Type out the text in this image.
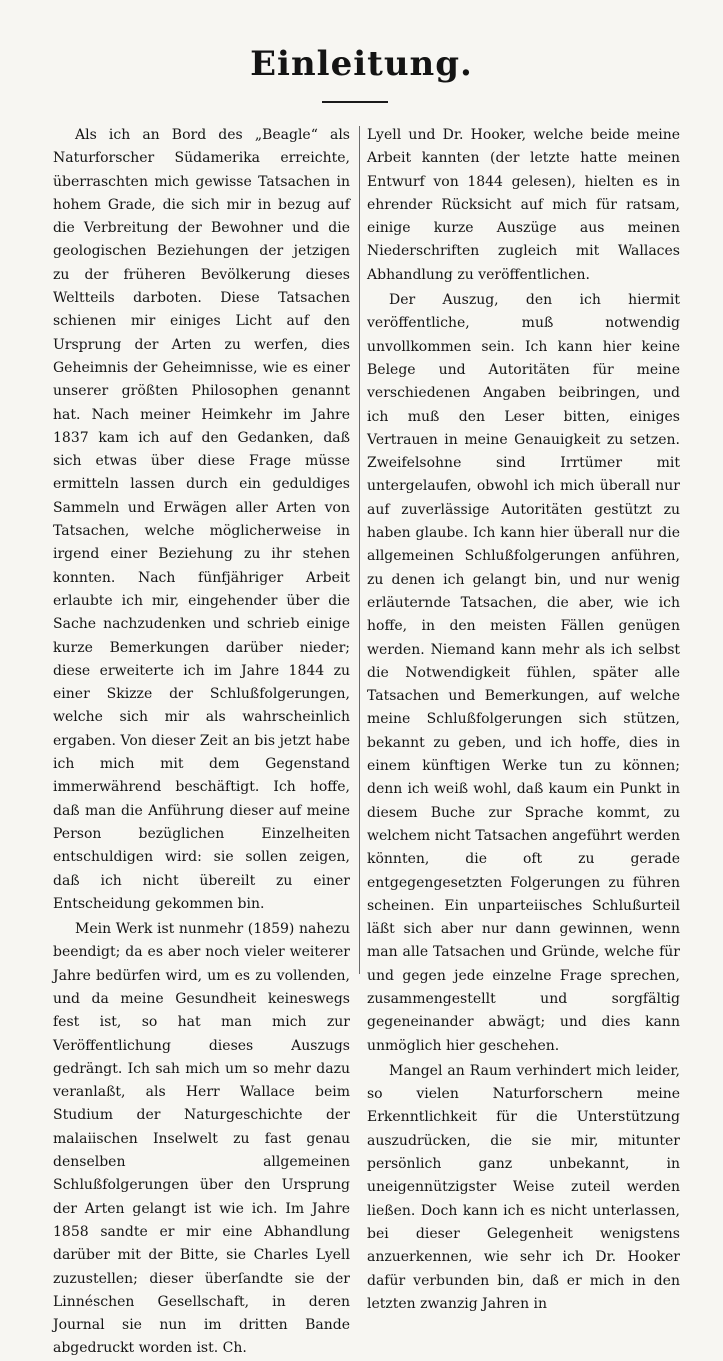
Einleitung.

Als ich an Bord des „Beagle“ als Naturforscher Südamerika erreichte, überraschten mich gewisse Tatsachen in hohem Grade, die sich mir in bezug auf die Verbreitung der Bewohner und die geologischen Beziehungen der jetzigen zu der früheren Bevölkerung dieses Weltteils darboten. Diese Tatsachen schienen mir einiges Licht auf den Ursprung der Arten zu werfen, dies Geheimnis der Geheimnisse, wie es einer unserer größten Philosophen genannt hat. Nach meiner Heimkehr im Jahre 1837 kam ich auf den Gedanken, daß sich etwas über diese Frage müsse ermitteln lassen durch ein geduldiges Sammeln und Erwägen aller Arten von Tatsachen, welche möglicherweise in irgend einer Beziehung zu ihr stehen konnten. Nach fünfjähriger Arbeit erlaubte ich mir, eingehender über die Sache nachzudenken und schrieb einige kurze Bemerkungen darüber nieder; diese erweiterte ich im Jahre 1844 zu einer Skizze der Schlußfolgerungen, welche sich mir als wahrscheinlich ergaben. Von dieser Zeit an bis jetzt habe ich mich mit dem Gegenstand immerwährend beschäftigt. Ich hoffe, daß man die Anführung dieser auf meine Person bezüglichen Einzelheiten entschuldigen wird: sie sollen zeigen, daß ich nicht übereilt zu einer Entscheidung gekommen bin.

Mein Werk ist nunmehr (1859) nahezu beendigt; da es aber noch vieler weiterer Jahre bedürfen wird, um es zu vollenden, und da meine Gesundheit keineswegs fest ist, so hat man mich zur Veröffentlichung dieses Auszugs gedrängt. Ich sah mich um so mehr dazu veranlaßt, als Herr Wallace beim Studium der Naturgeschichte der malaiischen Inselwelt zu fast genau denselben allgemeinen Schlußfolgerungen über den Ursprung der Arten gelangt ist wie ich. Im Jahre 1858 sandte er mir eine Abhandlung darüber mit der Bitte, sie Charles Lyell zuzustellen; dieser überſandte sie der Linnéschen Gesellschaft, in deren Journal sie nun im dritten Bande abgedruckt worden ist. Ch.

Lyell und Dr. Hooker, welche beide meine Arbeit kannten (der letzte hatte meinen Entwurf von 1844 gelesen), hielten es in ehrender Rücksicht auf mich für ratsam, einige kurze Auszüge aus meinen Niederschriften zugleich mit Wallaces Abhandlung zu veröffentlichen.

Der Auszug, den ich hiermit veröffentliche, muß notwendig unvollkommen sein. Ich kann hier keine Belege und Autoritäten für meine verschiedenen Angaben beibringen, und ich muß den Leser bitten, einiges Vertrauen in meine Genauigkeit zu setzen. Zweifelsohne sind Irrtümer mit untergelaufen, obwohl ich mich überall nur auf zuverlässige Autoritäten gestützt zu haben glaube. Ich kann hier überall nur die allgemeinen Schlußfolgerungen anführen, zu denen ich gelangt bin, und nur wenig erläuternde Tatsachen, die aber, wie ich hoffe, in den meisten Fällen genügen werden. Niemand kann mehr als ich selbst die Notwendigkeit fühlen, später alle Tatsachen und Bemerkungen, auf welche meine Schlußfolgerungen sich stützen, bekannt zu geben, und ich hoffe, dies in einem künftigen Werke tun zu können; denn ich weiß wohl, daß kaum ein Punkt in diesem Buche zur Sprache kommt, zu welchem nicht Tatsachen angeführt werden könnten, die oft zu gerade entgegengesetzten Folgerungen zu führen scheinen. Ein unparteiisches Schlußurteil läßt sich aber nur dann gewinnen, wenn man alle Tatsachen und Gründe, welche für und gegen jede einzelne Frage sprechen, zusammengestellt und sorgfältig gegeneinander abwägt; und dies kann unmöglich hier geschehen.

Mangel an Raum verhindert mich leider, so vielen Naturforschern meine Erkenntlichkeit für die Unterstützung auszudrücken, die sie mir, mitunter persönlich ganz unbekannt, in uneigennützigster Weise zuteil werden ließen. Doch kann ich es nicht unterlassen, bei dieser Gelegenheit wenigstens anzuerkennen, wie sehr ich Dr. Hooker dafür verbunden bin, daß er mich in den letzten zwanzig Jahren in
